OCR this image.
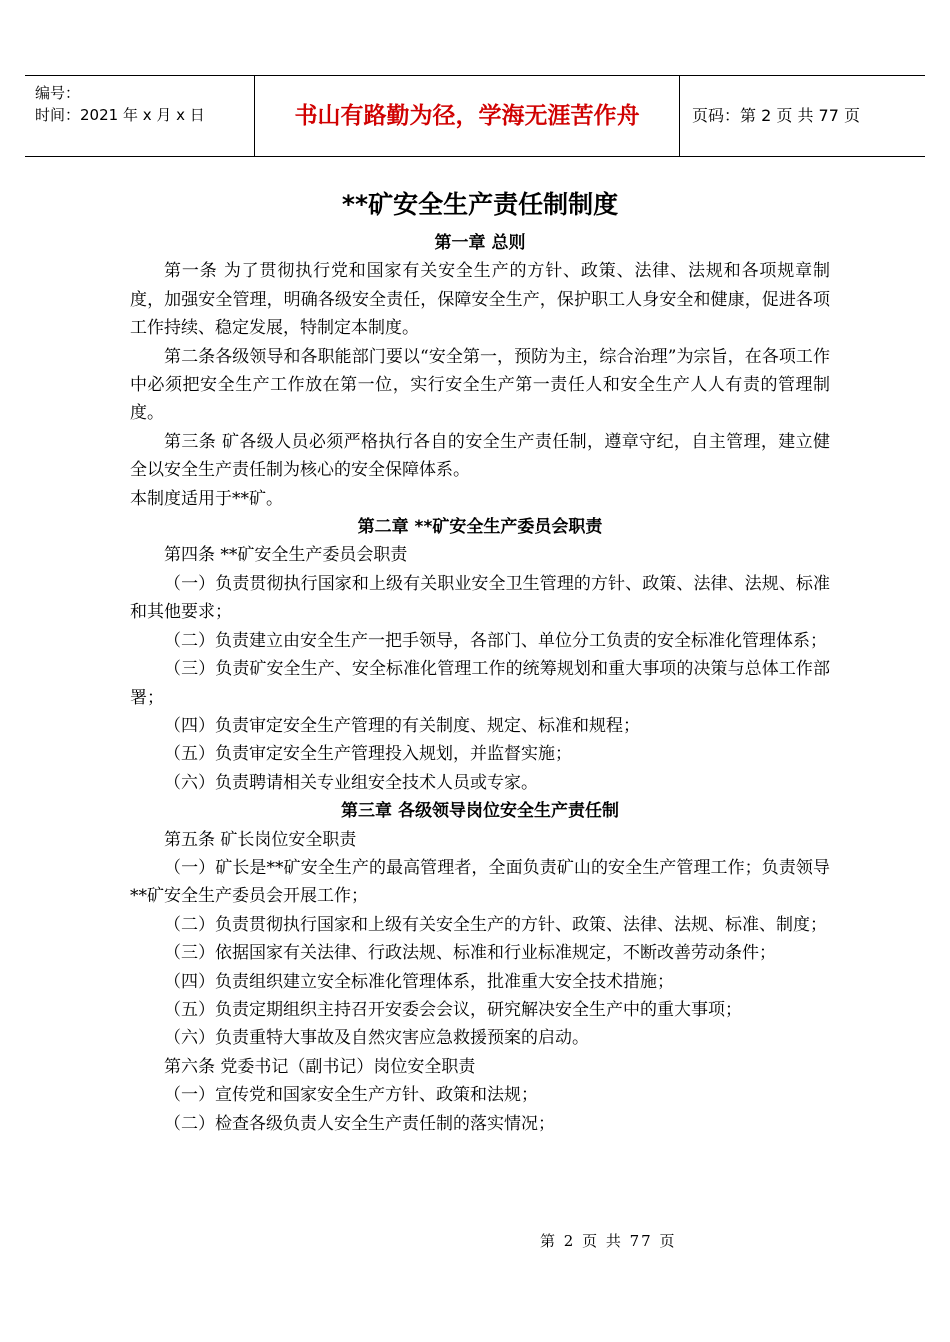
编号：
时间：2021 年 x 月 x 日	书山有路勤为径，学海无涯苦作舟	页码：第 2 页 共 77 页
**矿安全生产责任制制度
第一章 总则

第一条 为了贯彻执行党和国家有关安全生产的方针、政策、法律、法规和各项规章制度，加强安全管理，明确各级安全责任，保障安全生产，保护职工人身安全和健康，促进各项工作持续、稳定发展，特制定本制度。

第二条各级领导和各职能部门要以“安全第一，预防为主，综合治理”为宗旨，在各项工作中必须把安全生产工作放在第一位，实行安全生产第一责任人和安全生产人人有责的管理制度。

第三条 矿各级人员必须严格执行各自的安全生产责任制，遵章守纪，自主管理，建立健全以安全生产责任制为核心的安全保障体系。

本制度适用于**矿。

第二章 **矿安全生产委员会职责

第四条 **矿安全生产委员会职责

（一）负责贯彻执行国家和上级有关职业安全卫生管理的方针、政策、法律、法规、标准和其他要求；

（二）负责建立由安全生产一把手领导，各部门、单位分工负责的安全标准化管理体系；

（三）负责矿安全生产、安全标准化管理工作的统筹规划和重大事项的决策与总体工作部署；

（四）负责审定安全生产管理的有关制度、规定、标准和规程；

（五）负责审定安全生产管理投入规划，并监督实施；

（六）负责聘请相关专业组安全技术人员或专家。

第三章 各级领导岗位安全生产责任制

第五条 矿长岗位安全职责

（一）矿长是**矿安全生产的最高管理者，全面负责矿山的安全生产管理工作；负责领导**矿安全生产委员会开展工作；

（二）负责贯彻执行国家和上级有关安全生产的方针、政策、法律、法规、标准、制度；

（三）依据国家有关法律、行政法规、标准和行业标准规定，不断改善劳动条件；

（四）负责组织建立安全标准化管理体系，批准重大安全技术措施；

（五）负责定期组织主持召开安委会会议，研究解决安全生产中的重大事项；

（六）负责重特大事故及自然灾害应急救援预案的启动。

第六条 党委书记（副书记）岗位安全职责

（一）宣传党和国家安全生产方针、政策和法规；

（二）检查各级负责人安全生产责任制的落实情况；

第 2 页 共 77 页
